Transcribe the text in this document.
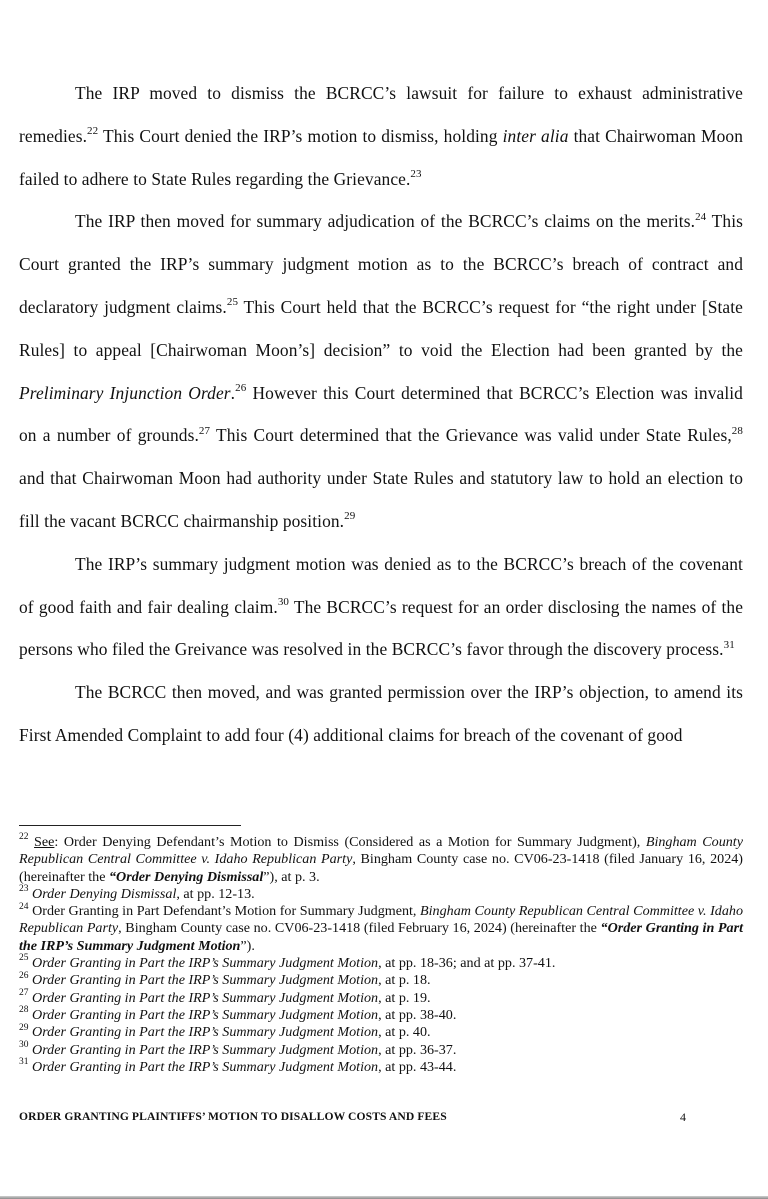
The IRP moved to dismiss the BCRCC’s lawsuit for failure to exhaust administrative remedies.$^{22}$ This Court denied the IRP’s motion to dismiss, holding inter alia that Chairwoman Moon failed to adhere to State Rules regarding the Grievance.$^{23}$

The IRP then moved for summary adjudication of the BCRCC’s claims on the merits.$^{24}$ This Court granted the IRP’s summary judgment motion as to the BCRCC’s breach of contract and declaratory judgment claims.$^{25}$ This Court held that the BCRCC’s request for “the right under [State Rules] to appeal [Chairwoman Moon’s] decision” to void the Election had been granted by the Preliminary Injunction Order.$^{26}$ However this Court determined that BCRCC’s Election was invalid on a number of grounds.$^{27}$ This Court determined that the Grievance was valid under State Rules,$^{28}$ and that Chairwoman Moon had authority under State Rules and statutory law to hold an election to fill the vacant BCRCC chairmanship position.$^{29}$

The IRP’s summary judgment motion was denied as to the BCRCC’s breach of the covenant of good faith and fair dealing claim.$^{30}$ The BCRCC’s request for an order disclosing the names of the persons who filed the Greivance was resolved in the BCRCC’s favor through the discovery process.$^{31}$

The BCRCC then moved, and was granted permission over the IRP’s objection, to amend its First Amended Complaint to add four (4) additional claims for breach of the covenant of good

$^{22}$ See: Order Denying Defendant’s Motion to Dismiss (Considered as a Motion for Summary Judgment), Bingham County Republican Central Committee v. Idaho Republican Party, Bingham County case no. CV06-23-1418 (filed January 16, 2024) (hereinafter the “Order Denying Dismissal”), at p. 3.

$^{23}$ Order Denying Dismissal, at pp. 12-13.

$^{24}$ Order Granting in Part Defendant’s Motion for Summary Judgment, Bingham County Republican Central Committee v. Idaho Republican Party, Bingham County case no. CV06-23-1418 (filed February 16, 2024) (hereinafter the “Order Granting in Part the IRP’s Summary Judgment Motion”).

$^{25}$ Order Granting in Part the IRP’s Summary Judgment Motion, at pp. 18-36; and at pp. 37-41.

$^{26}$ Order Granting in Part the IRP’s Summary Judgment Motion, at p. 18.

$^{27}$ Order Granting in Part the IRP’s Summary Judgment Motion, at p. 19.

$^{28}$ Order Granting in Part the IRP’s Summary Judgment Motion, at pp. 38-40.

$^{29}$ Order Granting in Part the IRP’s Summary Judgment Motion, at p. 40.

$^{30}$ Order Granting in Part the IRP’s Summary Judgment Motion, at pp. 36-37.

$^{31}$ Order Granting in Part the IRP’s Summary Judgment Motion, at pp. 43-44.

ORDER GRANTING PLAINTIFFS’ MOTION TO DISALLOW COSTS AND FEES	4
